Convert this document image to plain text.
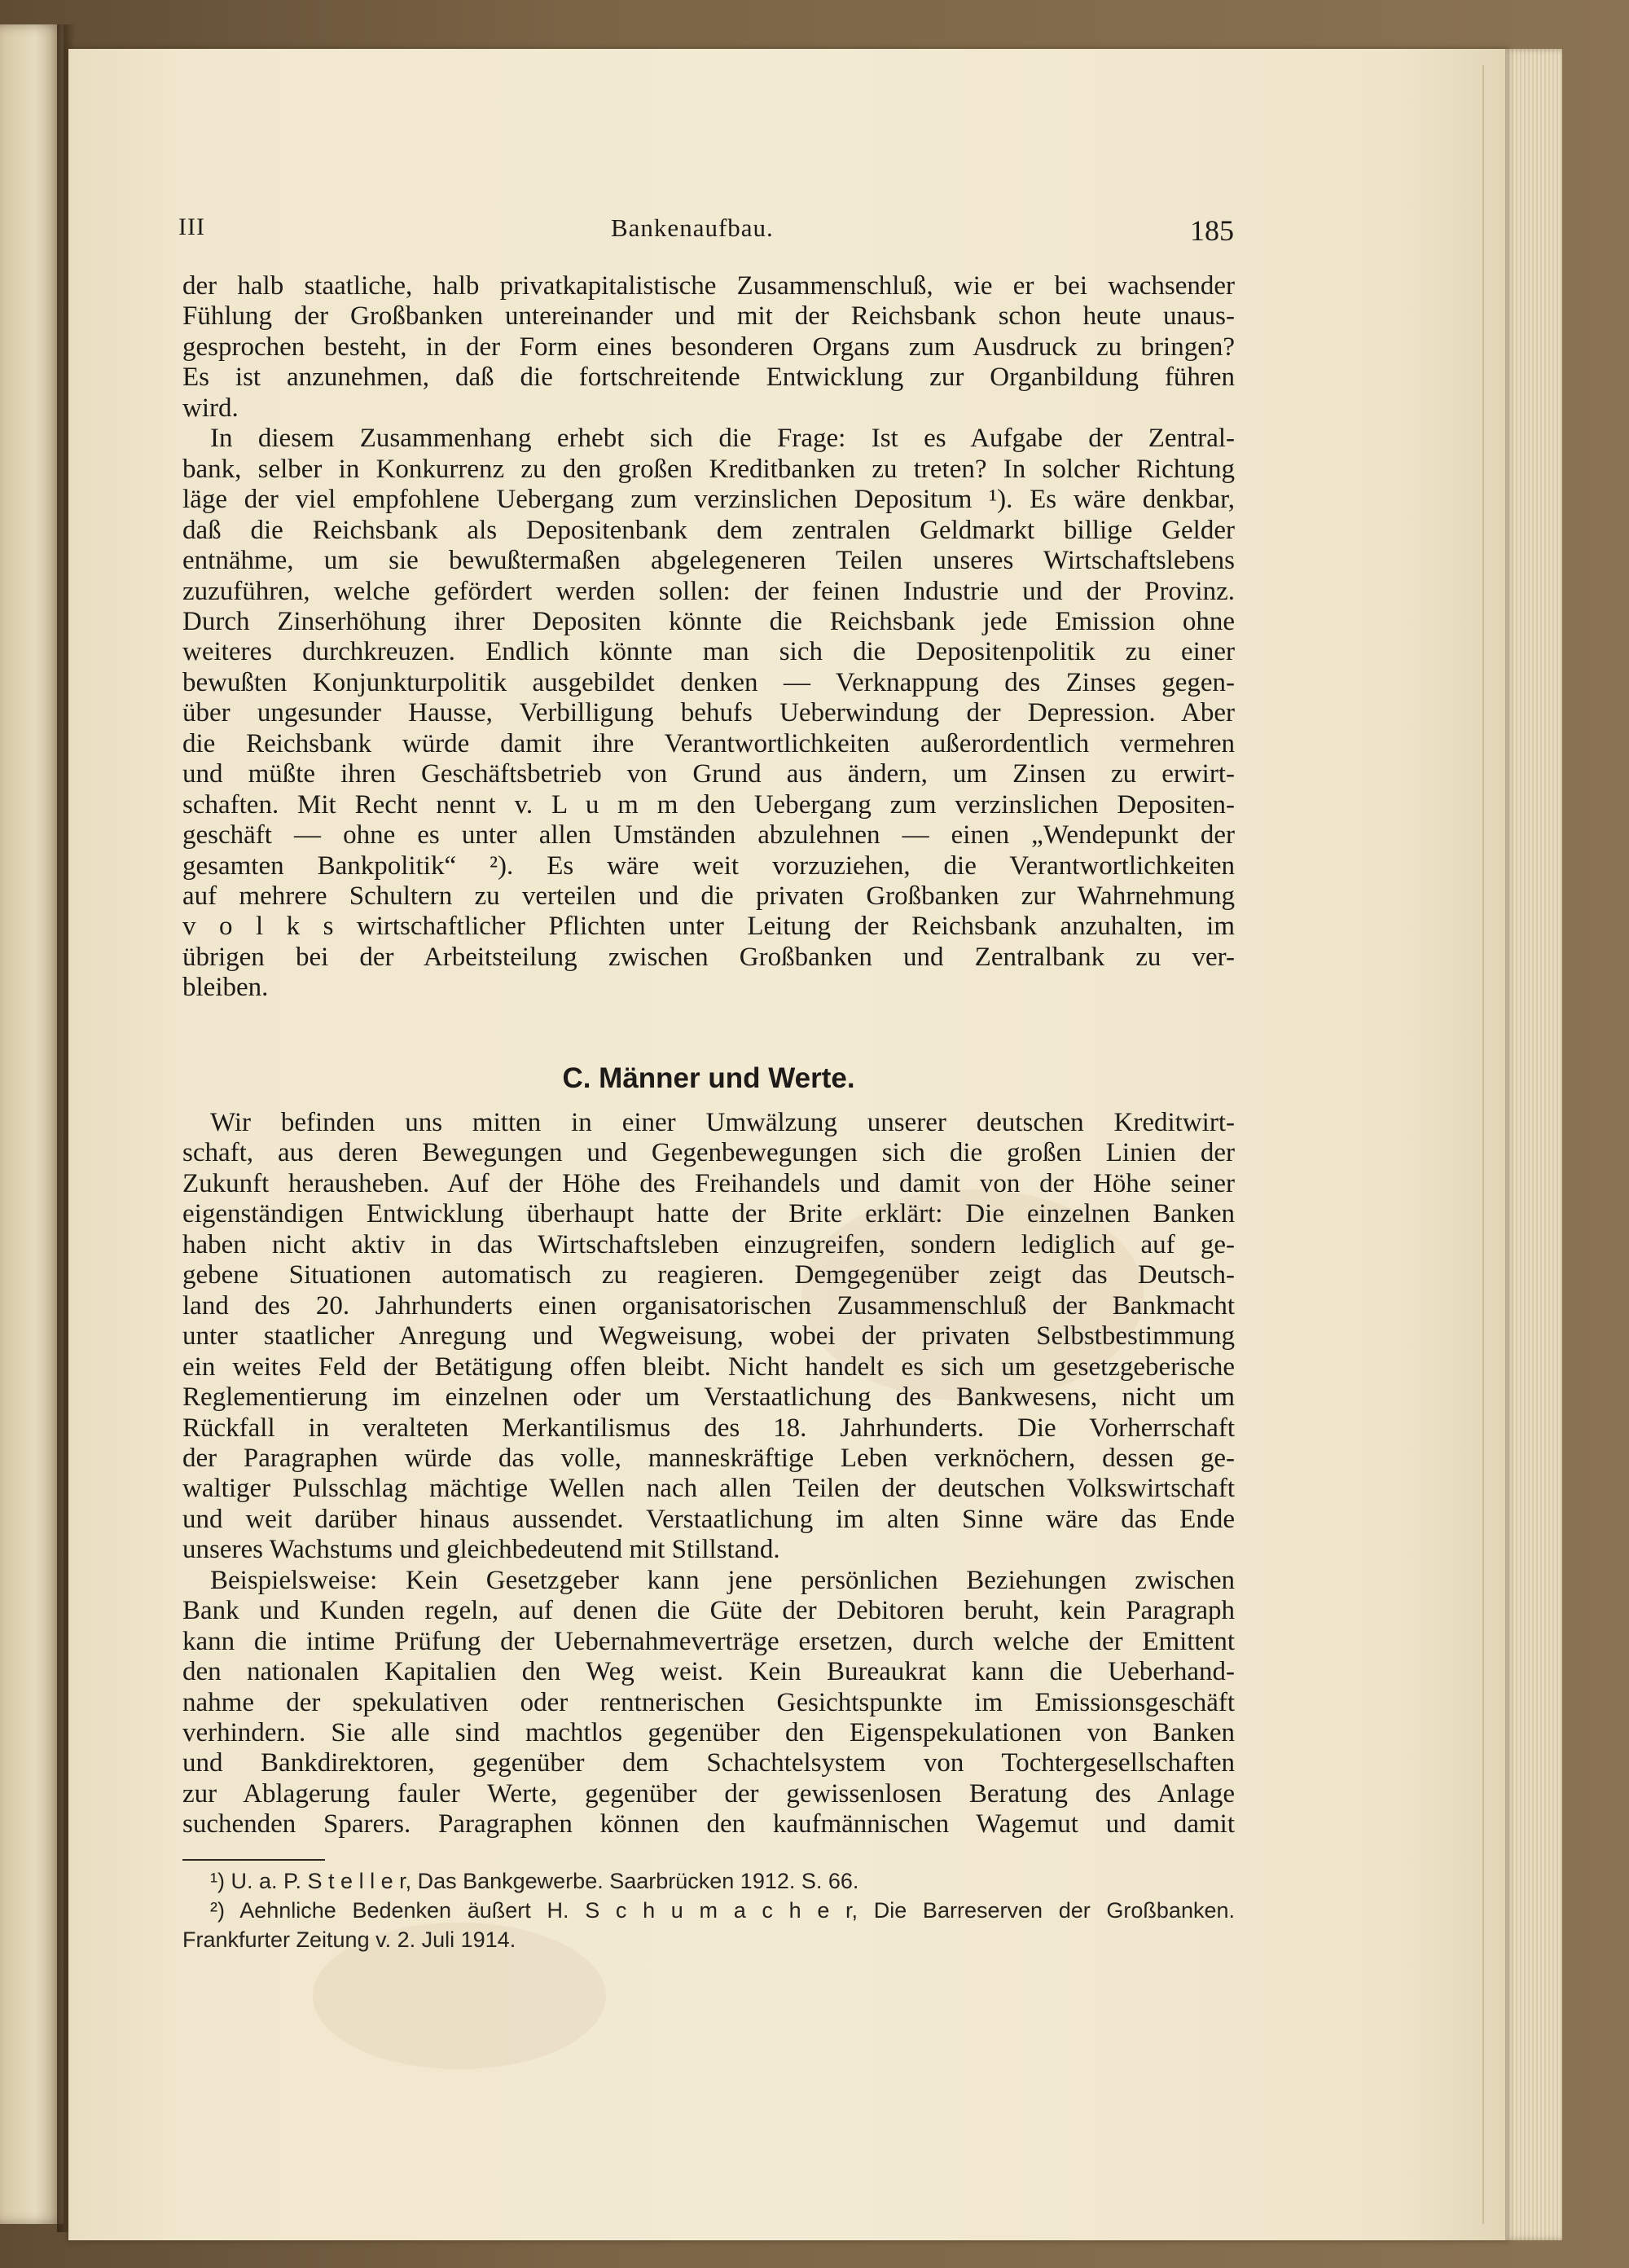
III	Bankenaufbau.	185
der halb staatliche, halb privatkapitalistische Zusammenschluß, wie er bei wachsender
Fühlung der Großbanken untereinander und mit der Reichsbank schon heute unaus-
gesprochen besteht, in der Form eines besonderen Organs zum Ausdruck zu bringen?
Es ist anzunehmen, daß die fortschreitende Entwicklung zur Organbildung führen
wird.
In diesem Zusammenhang erhebt sich die Frage: Ist es Aufgabe der Zentral-
bank, selber in Konkurrenz zu den großen Kreditbanken zu treten? In solcher Richtung
läge der viel empfohlene Uebergang zum verzinslichen Depositum ¹). Es wäre denkbar,
daß die Reichsbank als Depositenbank dem zentralen Geldmarkt billige Gelder
entnähme, um sie bewußtermaßen abgelegeneren Teilen unseres Wirtschaftslebens
zuzuführen, welche gefördert werden sollen: der feinen Industrie und der Provinz.
Durch Zinserhöhung ihrer Depositen könnte die Reichsbank jede Emission ohne
weiteres durchkreuzen. Endlich könnte man sich die Depositenpolitik zu einer
bewußten Konjunkturpolitik ausgebildet denken — Verknappung des Zinses gegen-
über ungesunder Hausse, Verbilligung behufs Ueberwindung der Depression. Aber
die Reichsbank würde damit ihre Verantwortlichkeiten außerordentlich vermehren
und müßte ihren Geschäftsbetrieb von Grund aus ändern, um Zinsen zu erwirt-
schaften. Mit Recht nennt v. L u m m den Uebergang zum verzinslichen Depositen-
geschäft — ohne es unter allen Umständen abzulehnen — einen „Wendepunkt der
gesamten Bankpolitik“ ²). Es wäre weit vorzuziehen, die Verantwortlichkeiten
auf mehrere Schultern zu verteilen und die privaten Großbanken zur Wahrnehmung
v o l k s wirtschaftlicher Pflichten unter Leitung der Reichsbank anzuhalten, im
übrigen bei der Arbeitsteilung zwischen Großbanken und Zentralbank zu ver-
bleiben.
C. Männer und Werte.
Wir befinden uns mitten in einer Umwälzung unserer deutschen Kreditwirt-
schaft, aus deren Bewegungen und Gegenbewegungen sich die großen Linien der
Zukunft herausheben. Auf der Höhe des Freihandels und damit von der Höhe seiner
eigenständigen Entwicklung überhaupt hatte der Brite erklärt: Die einzelnen Banken
haben nicht aktiv in das Wirtschaftsleben einzugreifen, sondern lediglich auf ge-
gebene Situationen automatisch zu reagieren. Demgegenüber zeigt das Deutsch-
land des 20. Jahrhunderts einen organisatorischen Zusammenschluß der Bankmacht
unter staatlicher Anregung und Wegweisung, wobei der privaten Selbstbestimmung
ein weites Feld der Betätigung offen bleibt. Nicht handelt es sich um gesetzgeberische
Reglementierung im einzelnen oder um Verstaatlichung des Bankwesens, nicht um
Rückfall in veralteten Merkantilismus des 18. Jahrhunderts. Die Vorherrschaft
der Paragraphen würde das volle, manneskräftige Leben verknöchern, dessen ge-
waltiger Pulsschlag mächtige Wellen nach allen Teilen der deutschen Volkswirtschaft
und weit darüber hinaus aussendet. Verstaatlichung im alten Sinne wäre das Ende
unseres Wachstums und gleichbedeutend mit Stillstand.
Beispielsweise: Kein Gesetzgeber kann jene persönlichen Beziehungen zwischen
Bank und Kunden regeln, auf denen die Güte der Debitoren beruht, kein Paragraph
kann die intime Prüfung der Uebernahmeverträge ersetzen, durch welche der Emittent
den nationalen Kapitalien den Weg weist. Kein Bureaukrat kann die Ueberhand-
nahme der spekulativen oder rentnerischen Gesichtspunkte im Emissionsgeschäft
verhindern. Sie alle sind machtlos gegenüber den Eigenspekulationen von Banken
und Bankdirektoren, gegenüber dem Schachtelsystem von Tochtergesellschaften
zur Ablagerung fauler Werte, gegenüber der gewissenlosen Beratung des Anlage
suchenden Sparers. Paragraphen können den kaufmännischen Wagemut und damit
¹) U. a. P. S t e l l e r, Das Bankgewerbe. Saarbrücken 1912. S. 66.
²) Aehnliche Bedenken äußert H. S c h u m a c h e r, Die Barreserven der Großbanken.
Frankfurter Zeitung v. 2. Juli 1914.
